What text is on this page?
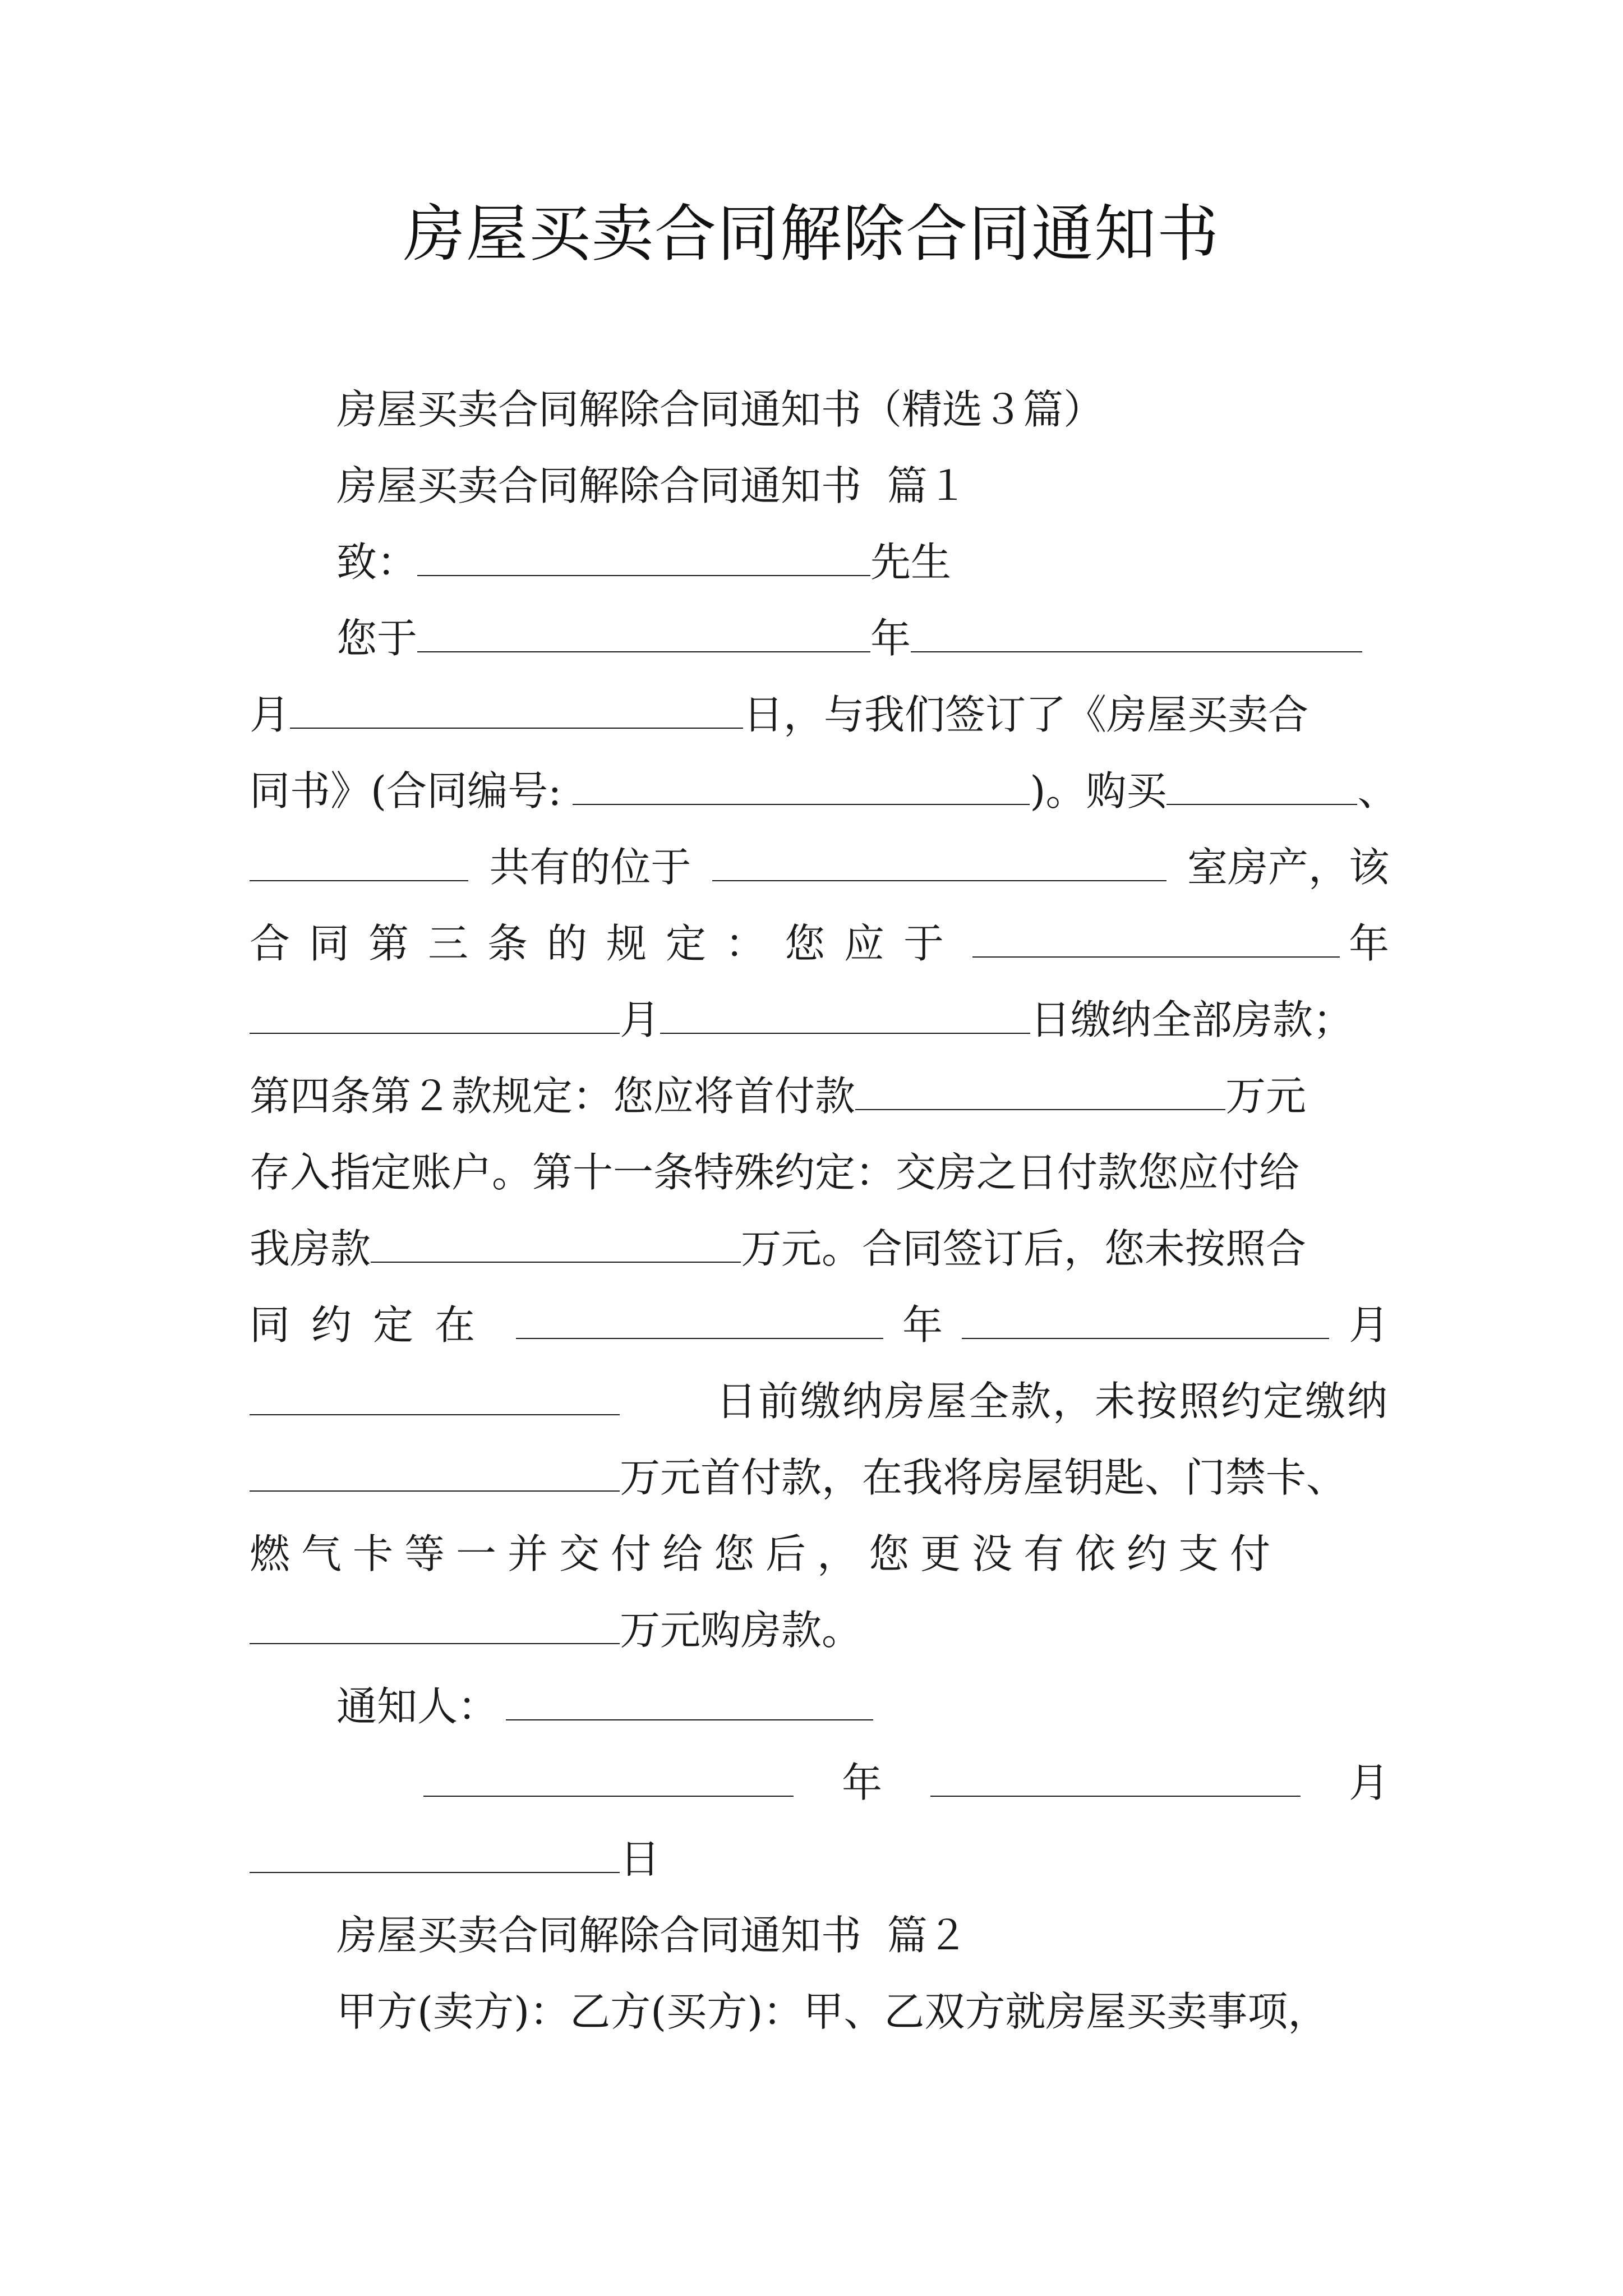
房屋买卖合同解除合同通知书
房屋买卖合同解除合同通知书（精选３篇）
房屋买卖合同解除合同通知书  篇１
致：	先生
您于	年
月	日，与我们签订了《房屋买卖合
同书》(合同编号:	)。购买	、
共有的位于	室房产，该
合同第三条的规定：您应于	年
月	日缴纳全部房款；
第四条第２款规定：您应将首付款	万元
存入指定账户。第十一条特殊约定：交房之日付款您应付给
我房款	万元。合同签订后，您未按照合
同约定在	年	月
日前缴纳房屋全款，未按照约定缴纳
万元首付款，在我将房屋钥匙、门禁卡、
燃气卡等一并交付给您后，您更没有依约支付
万元购房款。
通知人：
年	月
日
房屋买卖合同解除合同通知书  篇２
甲方(卖方)：乙方(买方)：甲、乙双方就房屋买卖事项，
